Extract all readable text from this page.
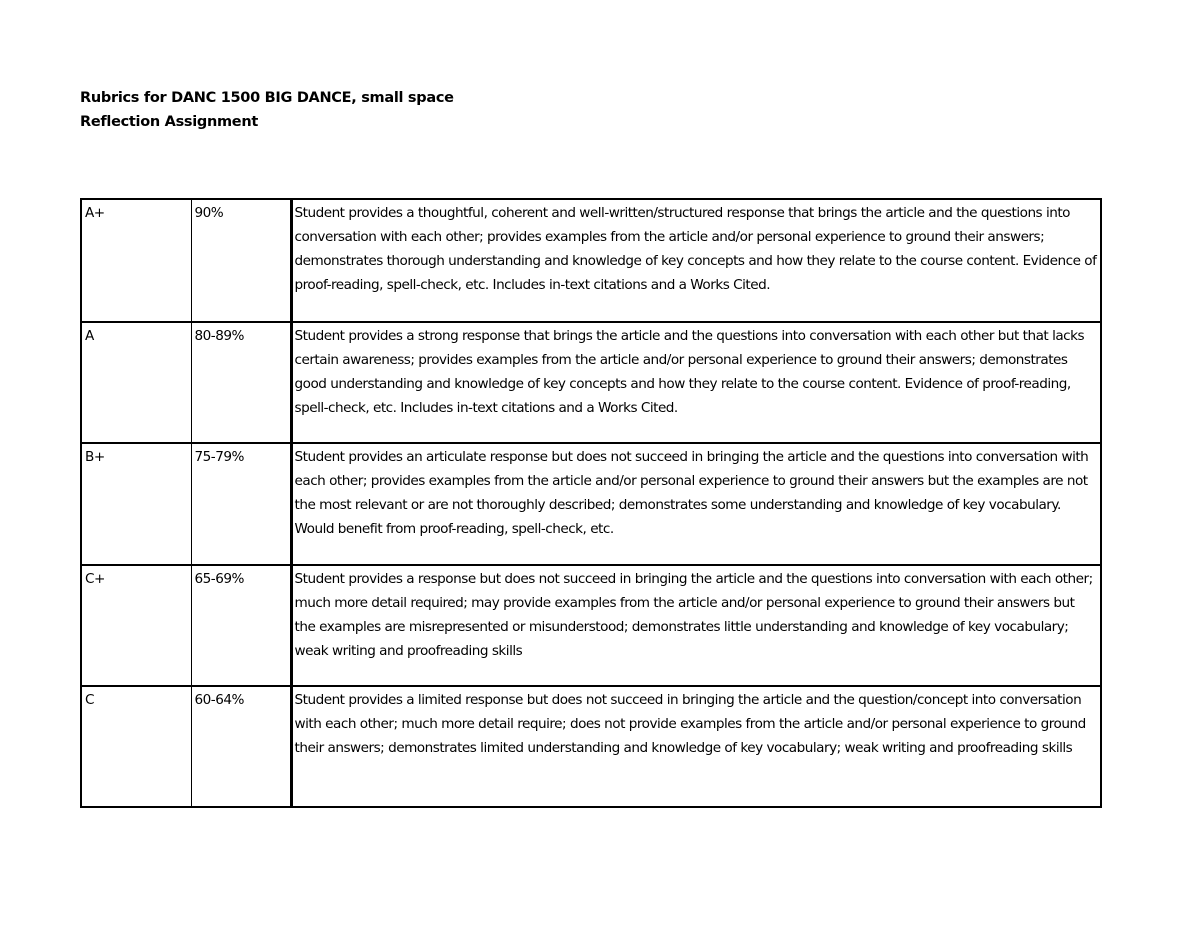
Rubrics for DANC 1500 BIG DANCE, small space
Reflection Assignment
A+	90%	Student provides a thoughtful, coherent and well-written/structured response that brings the article and the questions into conversation with each other; provides examples from the article and/or personal experience to ground their answers; demonstrates thorough understanding and knowledge of key concepts and how they relate to the course content. Evidence of proof-reading, spell-check, etc. Includes in-text citations and a Works Cited.
A	80-89%	Student provides a strong response that brings the article and the questions into conversation with each other but that lacks certain awareness; provides examples from the article and/or personal experience to ground their answers; demonstrates good understanding and knowledge of key concepts and how they relate to the course content. Evidence of proof-reading, spell-check, etc. Includes in-text citations and a Works Cited.
B+	75-79%	Student provides an articulate response but does not succeed in bringing the article and the questions into conversation with each other; provides examples from the article and/or personal experience to ground their answers but the examples are not the most relevant or are not thoroughly described; demonstrates some understanding and knowledge of key vocabulary. Would benefit from proof-reading, spell-check, etc.
C+	65-69%	Student provides a response but does not succeed in bringing the article and the questions into conversation with each other; much more detail required; may provide examples from the article and/or personal experience to ground their answers but the examples are misrepresented or misunderstood; demonstrates little understanding and knowledge of key vocabulary; weak writing and proofreading skills
C	60-64%	Student provides a limited response but does not succeed in bringing the article and the question/concept into conversation with each other; much more detail require; does not provide examples from the article and/or personal experience to ground their answers; demonstrates limited understanding and knowledge of key vocabulary; weak writing and proofreading skills
